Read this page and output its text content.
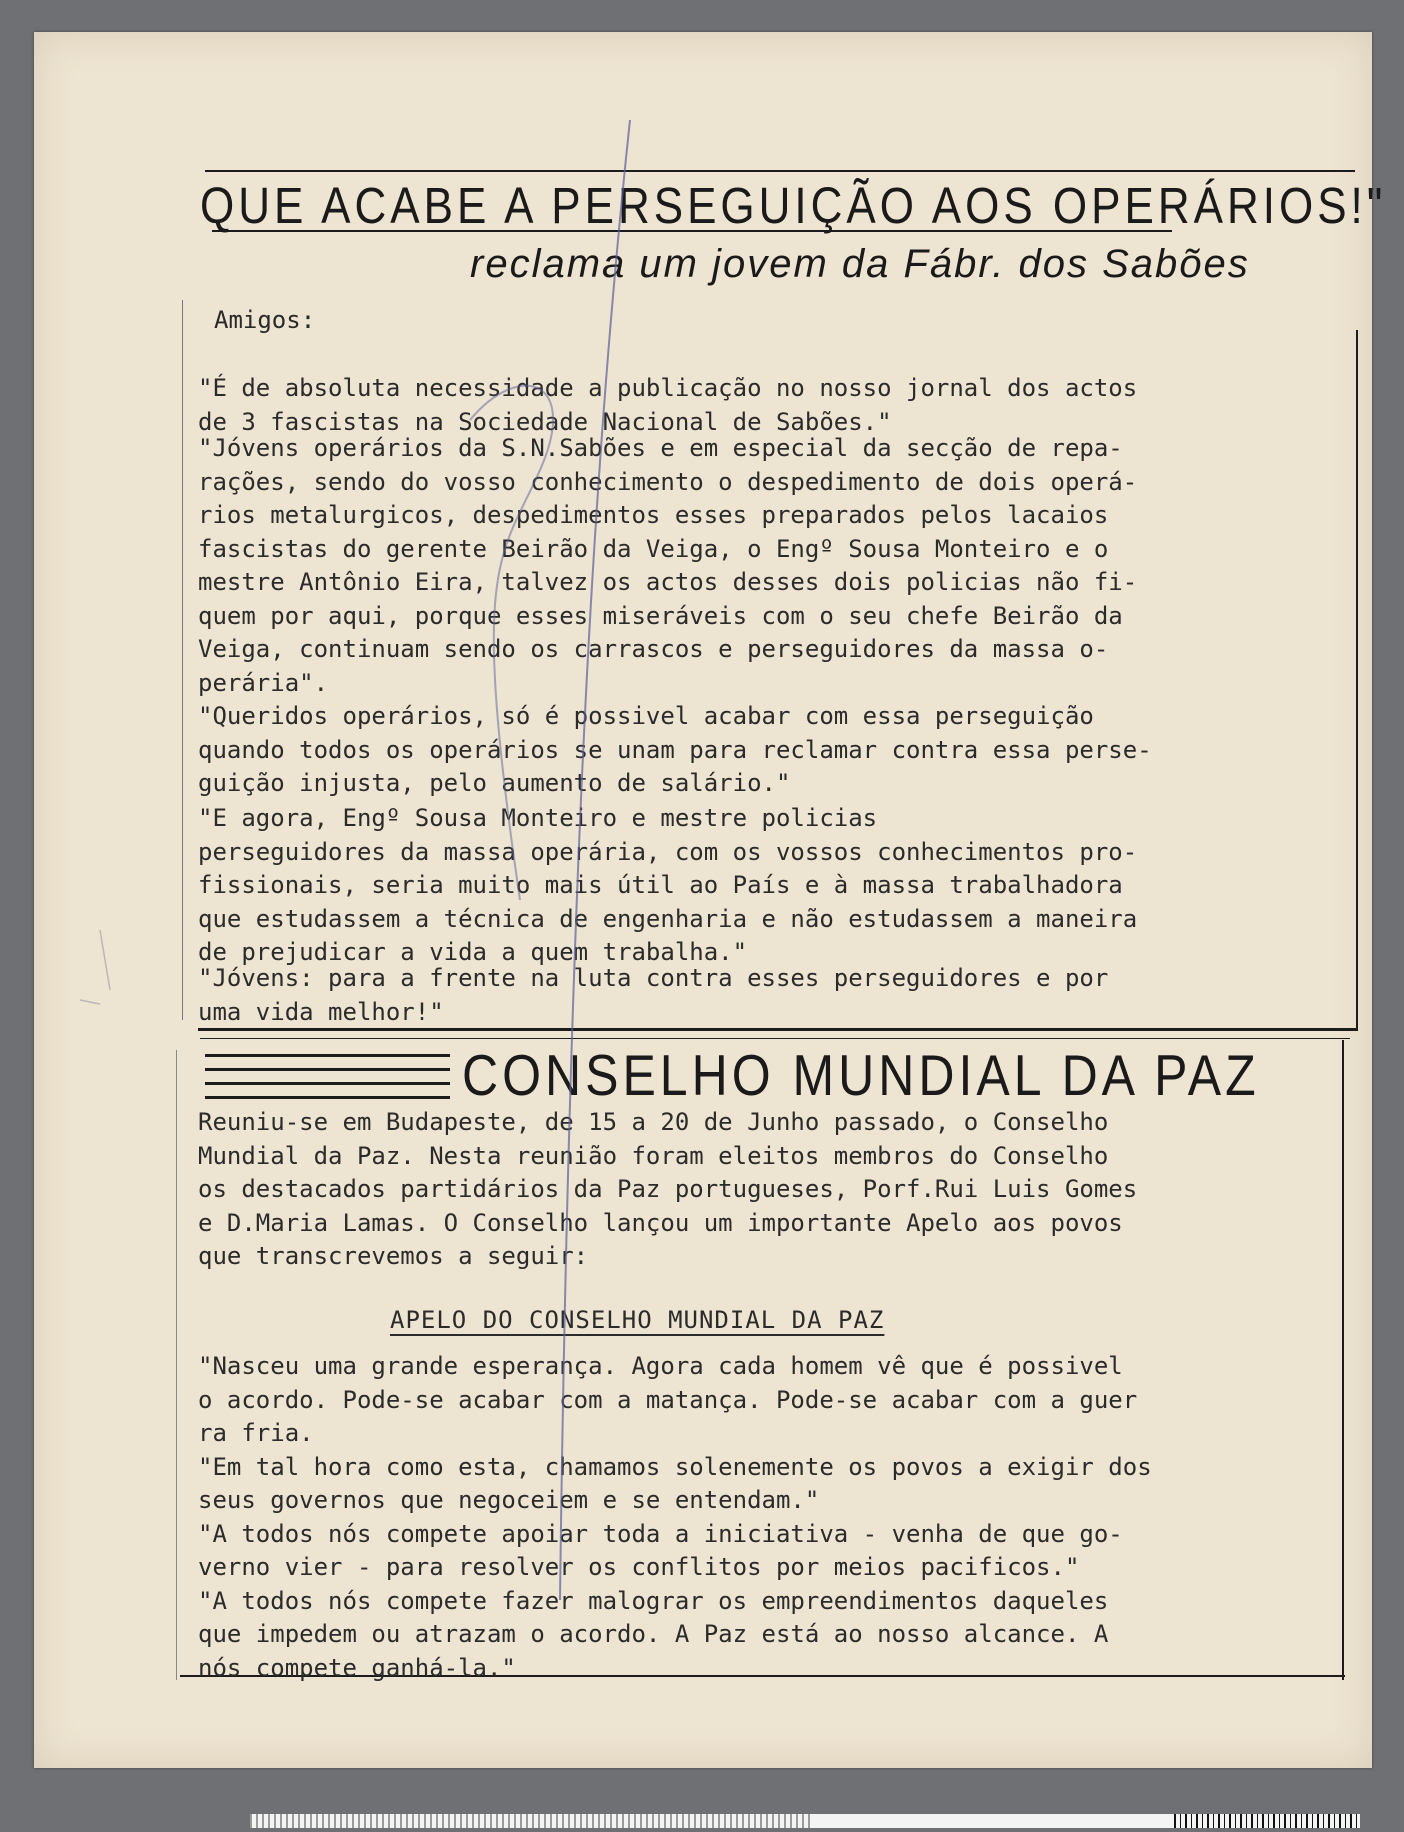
QUE ACABE A PERSEGUIÇÃO AOS OPERÁRIOS!"
reclama um jovem da Fábr. dos Sabões
Amigos:
"É de absoluta necessidade a publicação no nosso jornal dos actos
de 3 fascistas na Sociedade Nacional de Sabões."
"Jóvens operários da S.N.Sabões e em especial da secção de repa-
rações, sendo do vosso conhecimento o despedimento de dois operá-
rios metalurgicos, despedimentos esses preparados pelos lacaios
fascistas do gerente Beirão da Veiga, o Engº Sousa Monteiro e o
mestre Antônio Eira, talvez os actos desses dois policias não fi-
quem por aqui, porque esses miseráveis com o seu chefe Beirão da
Veiga, continuam sendo os carrascos e perseguidores da massa o-
perária".
"Queridos operários, só é possivel acabar com essa perseguição
quando todos os operários se unam para reclamar contra essa perse-
guição injusta, pelo aumento de salário."
"E agora, Engº Sousa Monteiro e mestre policias
perseguidores da massa operária, com os vossos conhecimentos pro-
fissionais, seria muito mais útil ao País e à massa trabalhadora
que estudassem a técnica de engenharia e não estudassem a maneira
de prejudicar a vida a quem trabalha."
"Jóvens: para a frente na luta contra esses perseguidores e por
uma vida melhor!"
CONSELHO MUNDIAL DA PAZ
Reuniu-se em Budapeste, de 15 a 20 de Junho passado, o Conselho
Mundial da Paz. Nesta reunião foram eleitos membros do Conselho
os destacados partidários da Paz portugueses, Porf.Rui Luis Gomes
e D.Maria Lamas. O Conselho lançou um importante Apelo aos povos
que transcrevemos a seguir:
APELO DO CONSELHO MUNDIAL DA PAZ
"Nasceu uma grande esperança. Agora cada homem vê que é possivel
o acordo. Pode-se acabar com a matança. Pode-se acabar com a guer
ra fria.
"Em tal hora como esta, chamamos solenemente os povos a exigir dos
seus governos que negoceiem e se entendam."
"A todos nós compete apoiar toda a iniciativa - venha de que go-
verno vier - para resolver os conflitos por meios pacificos."
"A todos nós compete fazer malograr os empreendimentos daqueles
que impedem ou atrazam o acordo. A Paz está ao nosso alcance. A
nós compete ganhá-la."
